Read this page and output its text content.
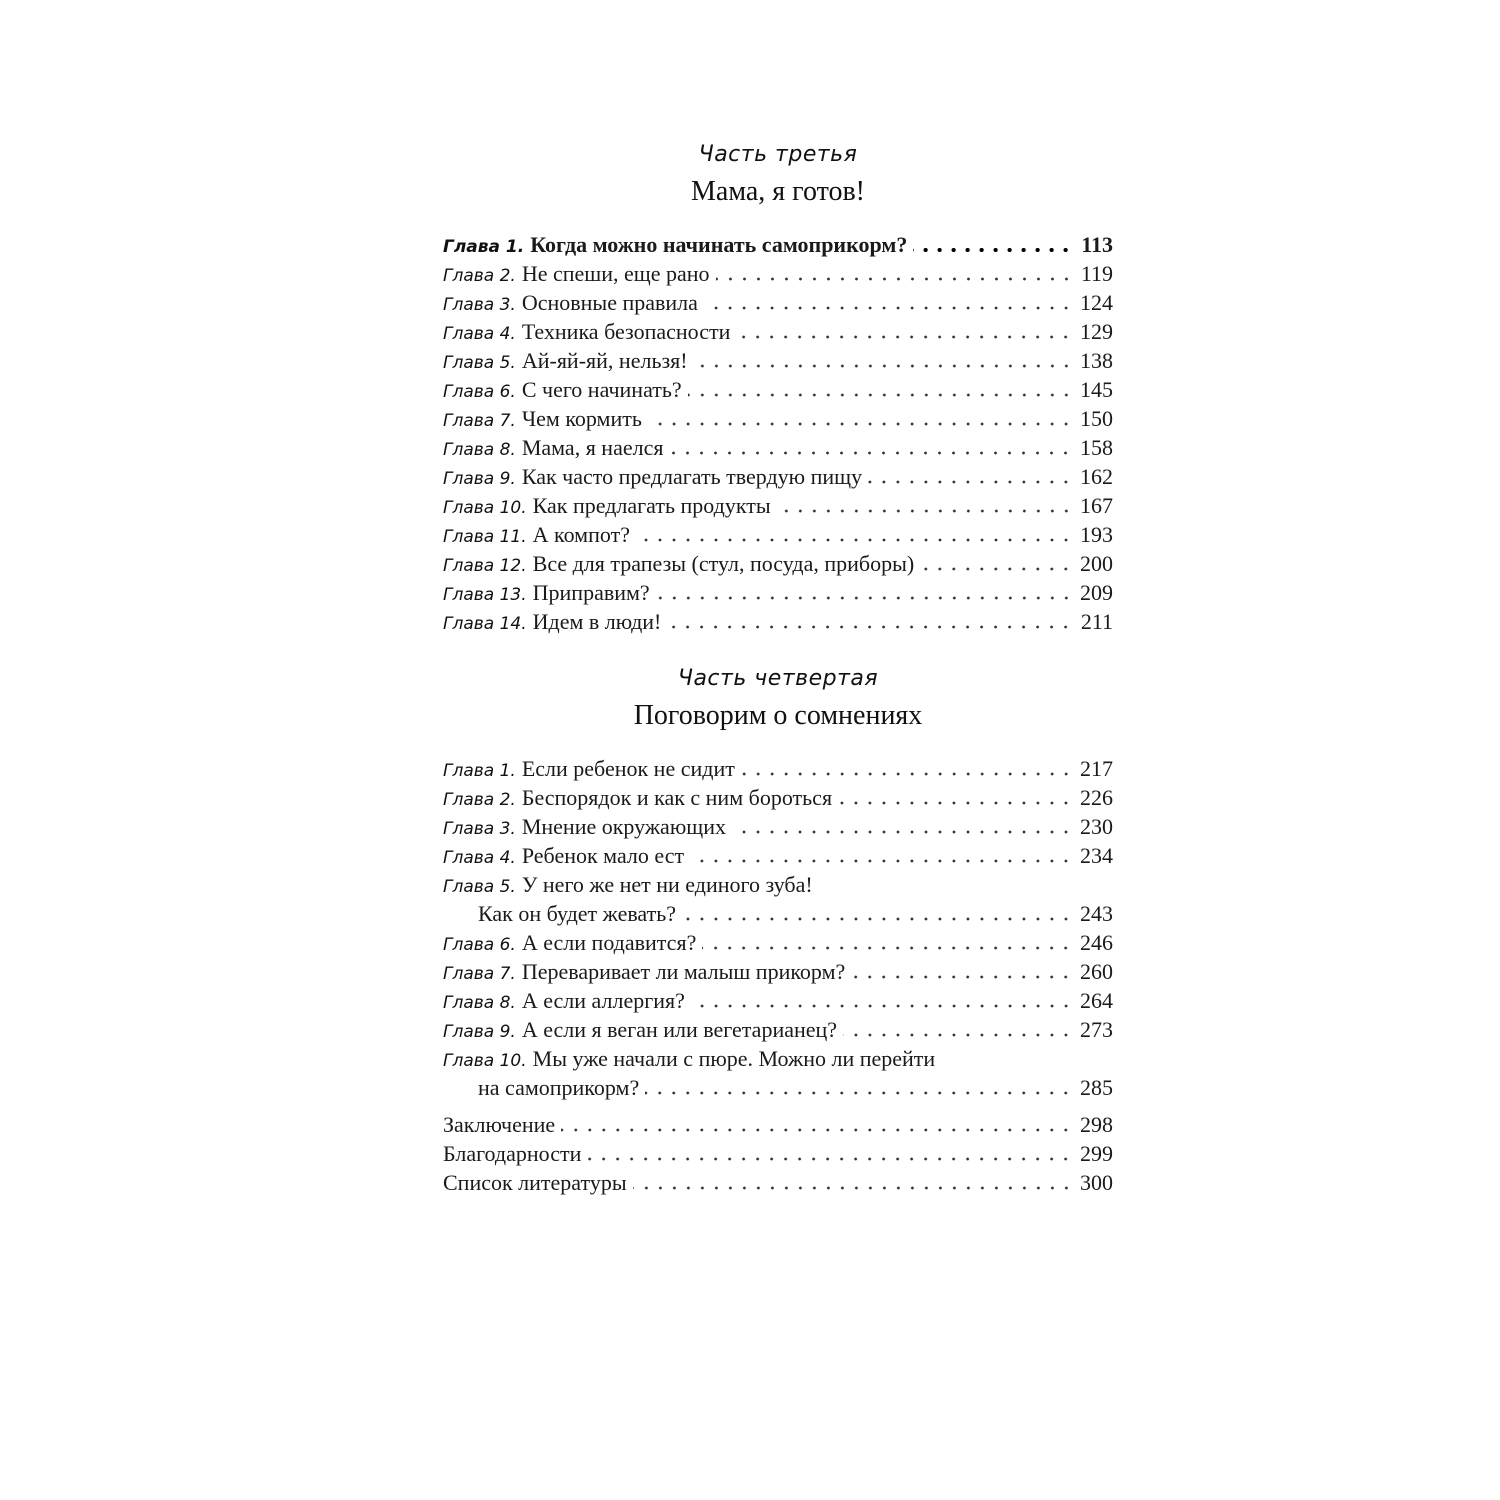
Часть третья
Мама, я готов!
Глава 1. Когда можно начинать самоприкорм?	113
Глава 2. Не спеши, еще рано	119
Глава 3. Основные правила	124
Глава 4. Техника безопасности	129
Глава 5. Ай-яй-яй, нельзя!	138
Глава 6. С чего начинать?	145
Глава 7. Чем кормить	150
Глава 8. Мама, я наелся	158
Глава 9. Как часто предлагать твердую пищу	162
Глава 10. Как предлагать продукты	167
Глава 11. А компот?	193
Глава 12. Все для трапезы (стул, посуда, приборы)	200
Глава 13. Приправим?	209
Глава 14. Идем в люди!	211
Часть четвертая
Поговорим о сомнениях
Глава 1. Если ребенок не сидит	217
Глава 2. Беспорядок и как с ним бороться	226
Глава 3. Мнение окружающих	230
Глава 4. Ребенок мало ест	234
Глава 5. У него же нет ни единого зуба!
Как он будет жевать?	243
Глава 6. А если подавится?	246
Глава 7. Переваривает ли малыш прикорм?	260
Глава 8. А если аллергия?	264
Глава 9. А если я веган или вегетарианец?	273
Глава 10. Мы уже начали с пюре. Можно ли перейти
на самоприкорм?	285
Заключение	298
Благодарности	299
Список литературы	300
